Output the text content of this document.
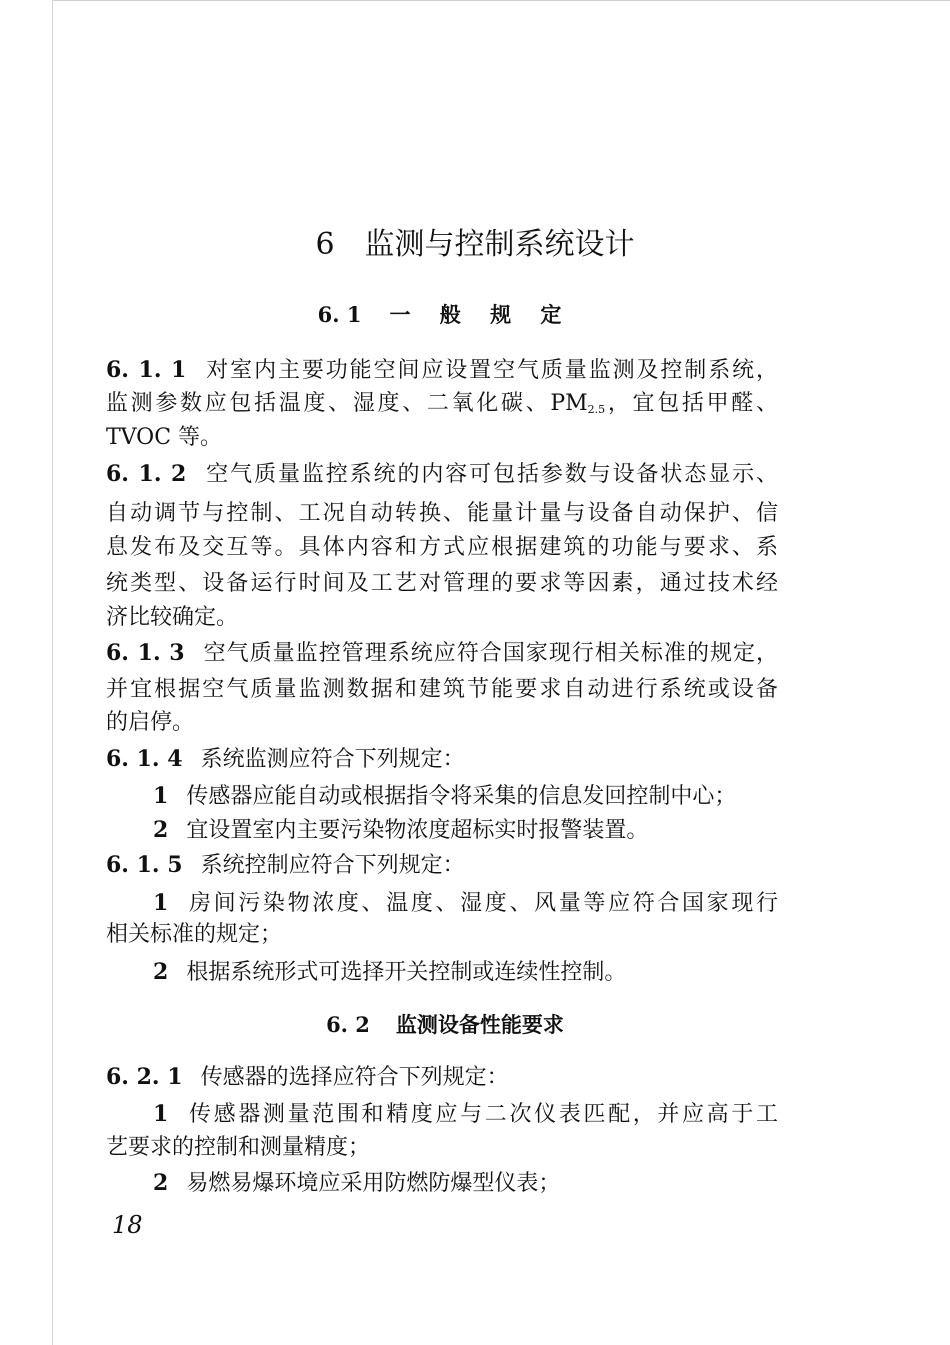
6 监测与控制系统设计
6. 1 一 般 规 定
6. 1. 1 对室内主要功能空间应设置空气质量监测及控制系统，
监测参数应包括温度、湿度、二氧化碳、$PM_{2.5}$，宜包括甲醛、
TVOC 等。
6. 1. 2 空气质量监控系统的内容可包括参数与设备状态显示、
自动调节与控制、工况自动转换、能量计量与设备自动保护、信
息发布及交互等。具体内容和方式应根据建筑的功能与要求、系
统类型、设备运行时间及工艺对管理的要求等因素，通过技术经
济比较确定。
6. 1. 3 空气质量监控管理系统应符合国家现行相关标准的规定，
并宜根据空气质量监测数据和建筑节能要求自动进行系统或设备
的启停。
6. 1. 4 系统监测应符合下列规定：
1 传感器应能自动或根据指令将采集的信息发回控制中心；
2 宜设置室内主要污染物浓度超标实时报警装置。
6. 1. 5 系统控制应符合下列规定：
1 房间污染物浓度、温度、湿度、风量等应符合国家现行
相关标准的规定；
2 根据系统形式可选择开关控制或连续性控制。
6. 2 监测设备性能要求
6. 2. 1 传感器的选择应符合下列规定：
1 传感器测量范围和精度应与二次仪表匹配，并应高于工
艺要求的控制和测量精度；
2 易燃易爆环境应采用防燃防爆型仪表；
18
